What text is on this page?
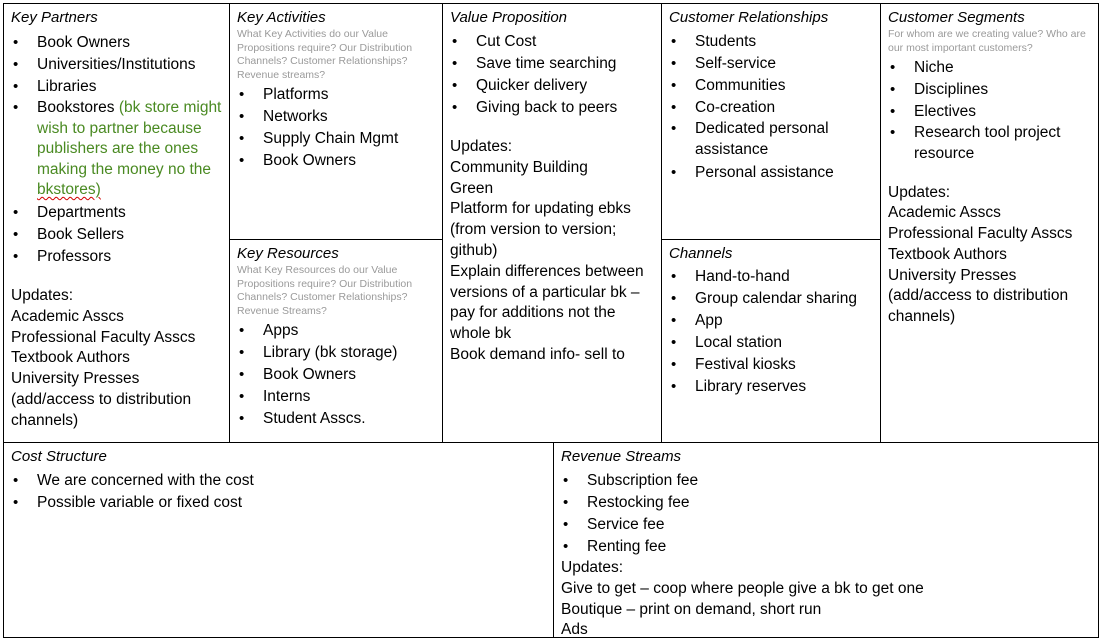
Key Partners

• Book Owners
• Universities/Institutions
• Libraries
• Bookstores (bk store might wish to partner because publishers are the ones making the money no the bkstores)
• Departments
• Book Sellers
• Professors

Updates:
Academic Asscs
Professional Faculty Asscs
Textbook Authors
University Presses
(add/access to distribution channels)

Key Activities

What Key Activities do our Value Propositions require? Our Distribution Channels? Customer Relationships? Revenue streams?

• Platforms
• Networks
• Supply Chain Mgmt
• Book Owners

Key Resources

What Key Resources do our Value Propositions require? Our Distribution Channels? Customer Relationships? Revenue Streams?

• Apps
• Library (bk storage)
• Book Owners
• Interns
• Student Asscs.

Value Proposition

• Cut Cost
• Save time searching
• Quicker delivery
• Giving back to peers

Updates:
Community Building
Green
Platform for updating ebks (from version to version; github)
Explain differences between versions of a particular bk – pay for additions not the whole bk
Book demand info- sell to

Customer Relationships

• Students
• Self-service
• Communities
• Co-creation
• Dedicated personal assistance
• Personal assistance

Channels

• Hand-to-hand
• Group calendar sharing
• App
• Local station
• Festival kiosks
• Library reserves

Customer Segments

For whom are we creating value? Who are our most important customers?

• Niche
• Disciplines
• Electives
• Research tool project resource

Updates:
Academic Asscs
Professional Faculty Asscs
Textbook Authors
University Presses
(add/access to distribution channels)

Cost Structure

• We are concerned with the cost
• Possible variable or fixed cost

Revenue Streams

• Subscription fee
• Restocking fee
• Service fee
• Renting fee

Updates:
Give to get – coop where people give a bk to get one
Boutique – print on demand, short run
Ads
